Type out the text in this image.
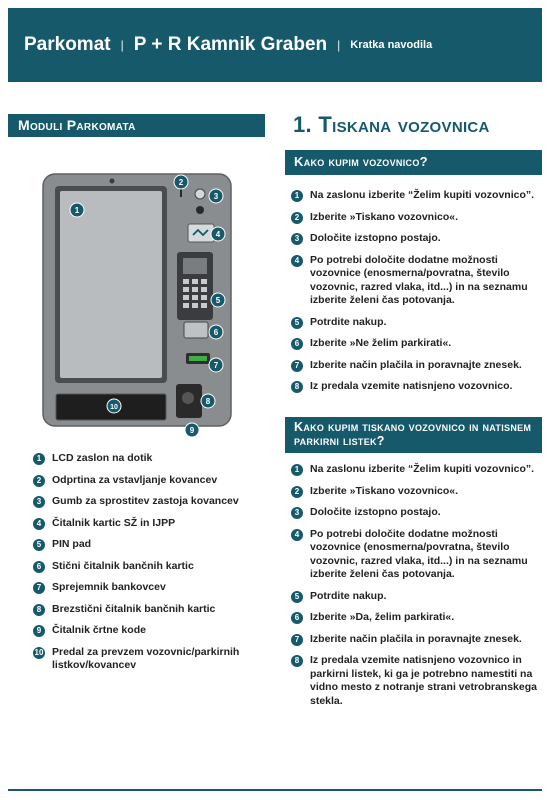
Parkomat | P + R Kamnik Graben | Kratka navodila
Moduli Parkomata
1
2
3
4
5
6
7
8
9
10
1	LCD zaslon na dotik
2	Odprtina za vstavljanje kovancev
3	Gumb za sprostitev zastoja kovancev
4	Čitalnik kartic SŽ in IJPP
5	PIN pad
6	Stični čitalnik bančnih kartic
7	Sprejemnik bankovcev
8	Brezstični čitalnik bančnih kartic
9	Čitalnik črtne kode
10 Predal za prevzem vozovnic/parkirnih listkov/kovancev
1. Tiskana vozovnica
Kako kupim vozovnico?
1	Na zaslonu izberite “Želim kupiti vozovnico”.
2	Izberite »Tiskano vozovnico«.
3	Določite izstopno postajo.
4	Po potrebi določite dodatne možnosti vozovnice (enosmerna/povratna, število vozovnic, razred vlaka, itd...) in na seznamu izberite želeni čas potovanja.
5	Potrdite nakup.
6	Izberite »Ne želim parkirati«.
7	Izberite način plačila in poravnajte znesek.
8	Iz predala vzemite natisnjeno vozovnico.
Kako kupim tiskano vozovnico in natisnem parkirni listek?
1	Na zaslonu izberite “Želim kupiti vozovnico”.
2	Izberite »Tiskano vozovnico«.
3	Določite izstopno postajo.
4	Po potrebi določite dodatne možnosti vozovnice (enosmerna/povratna, število vozovnic, razred vlaka, itd...) in na seznamu izberite želeni čas potovanja.
5	Potrdite nakup.
6	Izberite »Da, želim parkirati«.
7	Izberite način plačila in poravnajte znesek.
8	Iz predala vzemite natisnjeno vozovnico in parkirni listek, ki ga je potrebno namestiti na vidno mesto z notranje strani vetrobranskega stekla.
